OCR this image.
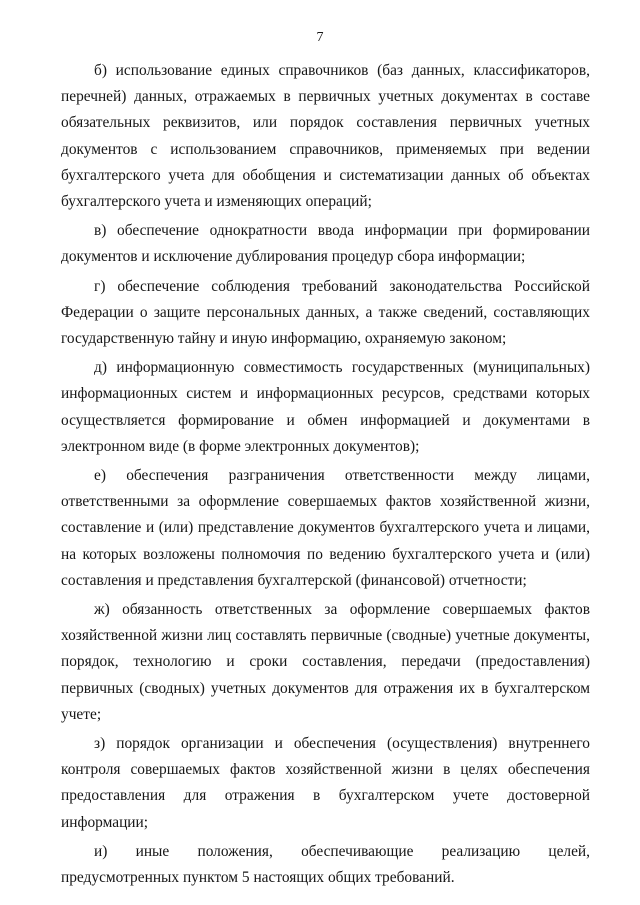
7

б) использование единых справочников (баз данных, классификаторов, перечней) данных, отражаемых в первичных учетных документах в составе обязательных реквизитов, или порядок составления первичных учетных документов с использованием справочников, применяемых при ведении бухгалтерского учета для обобщения и систематизации данных об объектах бухгалтерского учета и изменяющих операций;

в) обеспечение однократности ввода информации при формировании документов и исключение дублирования процедур сбора информации;

г) обеспечение соблюдения требований законодательства Российской Федерации о защите персональных данных, а также сведений, составляющих государственную тайну и иную информацию, охраняемую законом;

д) информационную совместимость государственных (муниципальных) информационных систем и информационных ресурсов, средствами которых осуществляется формирование и обмен информацией и документами в электронном виде (в форме электронных документов);

е) обеспечения разграничения ответственности между лицами, ответственными за оформление совершаемых фактов хозяйственной жизни, составление и (или) представление документов бухгалтерского учета и лицами, на которых возложены полномочия по ведению бухгалтерского учета и (или) составления и представления бухгалтерской (финансовой) отчетности;

ж) обязанность ответственных за оформление совершаемых фактов хозяйственной жизни лиц составлять первичные (сводные) учетные документы, порядок, технологию и сроки составления, передачи (предоставления) первичных (сводных) учетных документов для отражения их в бухгалтерском учете;

з) порядок организации и обеспечения (осуществления) внутреннего контроля совершаемых фактов хозяйственной жизни в целях обеспечения предоставления для отражения в бухгалтерском учете достоверной информации;

и) иные положения, обеспечивающие реализацию целей, предусмотренных пунктом 5 настоящих общих требований.
